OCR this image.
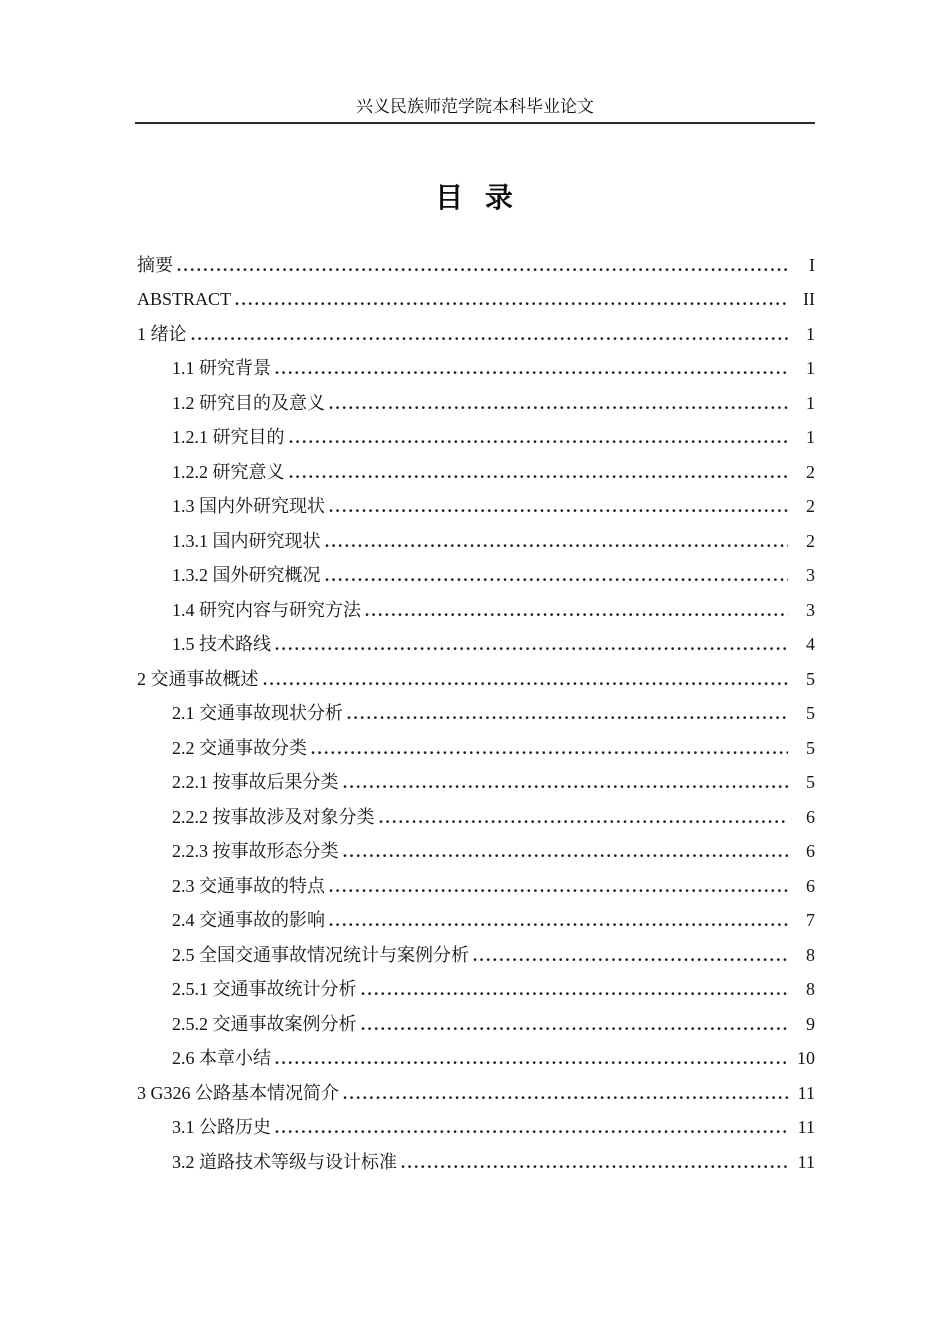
兴义民族师范学院本科毕业论文
目 录
摘要	I
ABSTRACT	II
1 绪论	1
1.1 研究背景	1
1.2 研究目的及意义	1
1.2.1 研究目的	1
1.2.2 研究意义	2
1.3 国内外研究现状	2
1.3.1 国内研究现状	2
1.3.2 国外研究概况	3
1.4 研究内容与研究方法	3
1.5 技术路线	4
2 交通事故概述	5
2.1 交通事故现状分析	5
2.2 交通事故分类	5
2.2.1 按事故后果分类	5
2.2.2 按事故涉及对象分类	6
2.2.3 按事故形态分类	6
2.3 交通事故的特点	6
2.4 交通事故的影响	7
2.5 全国交通事故情况统计与案例分析	8
2.5.1 交通事故统计分析	8
2.5.2 交通事故案例分析	9
2.6 本章小结	10
3 G326 公路基本情况简介	11
3.1 公路历史	11
3.2 道路技术等级与设计标准	11
